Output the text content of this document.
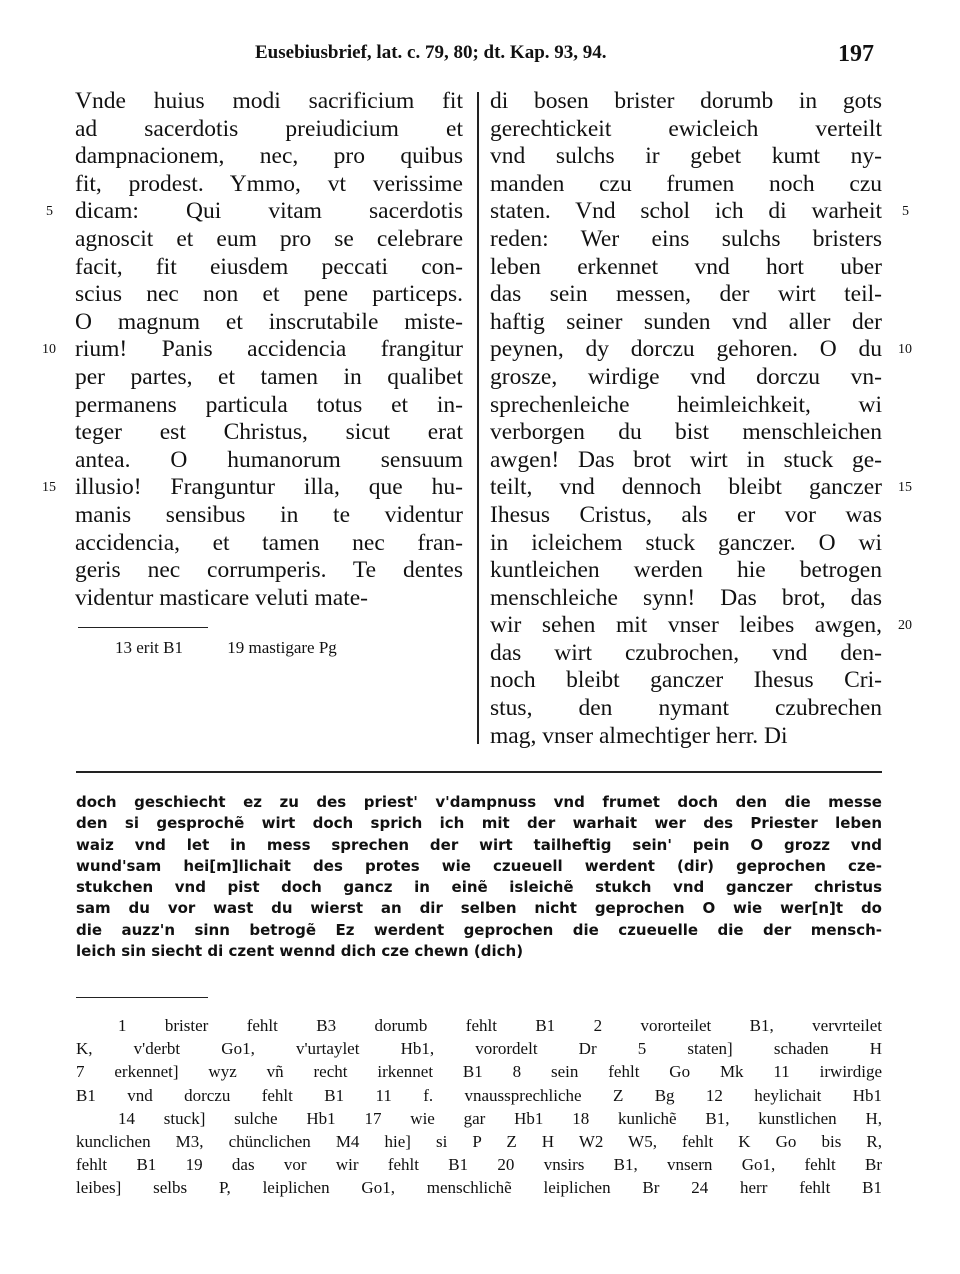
Eusebiusbrief, lat. c. 79, 80; dt. Kap. 93, 94.	197
5
10
15
Vnde huius modi sacrificium fit
ad sacerdotis preiudicium et
dampnacionem, nec, pro quibus
fit, prodest. Ymmo, vt verissime
dicam: Qui vitam sacerdotis
agnoscit et eum pro se celebrare
facit, fit eiusdem peccati con-
scius nec non et pene particeps.
O magnum et inscrutabile miste-
rium! Panis accidencia frangitur
per partes, et tamen in qualibet
permanens particula totus et in-
teger est Christus, sicut erat
antea. O humanorum sensuum
illusio! Franguntur illa, que hu-
manis sensibus in te videntur
accidencia, et tamen nec fran-
geris nec corrumperis. Te dentes
videntur masticare veluti mate-
13 erit B1	19 mastigare Pg
di bosen brister dorumb in gots
gerechtickeit ewicleich verteilt
vnd sulchs ir gebet kumt ny-
manden czu frumen noch czu
staten. Vnd schol ich di warheit
reden: Wer eins sulchs bristers
leben erkennet vnd hort uber
das sein messen, der wirt teil-
haftig seiner sunden vnd aller der
peynen, dy dorczu gehoren. O du
grosze, wirdige vnd dorczu vn-
sprechenleiche heimleichkeit, wi
verborgen du bist menschleichen
awgen! Das brot wirt in stuck ge-
teilt, vnd dennoch bleibt ganczer
Ihesus Cristus, als er vor was
in icleichem stuck ganczer. O wi
kuntleichen werden hie betrogen
menschleiche synn! Das brot, das
wir sehen mit vnser leibes awgen,
das wirt czubrochen, vnd den-
noch bleibt ganczer Ihesus Cri-
stus, den nymant czubrechen
mag, vnser almechtiger herr. Di
5
10
15
20
doch geschiecht ez zu des priest' v'dampnuss vnd frumet doch den die messe
den si gesprochẽ wirt doch sprich ich mit der warhait wer des Priester leben
waiz vnd let in mess sprechen der wirt tailheftig sein' pein O grozz vnd
wund'sam hei[m]lichait des protes wie czueuell werdent (dir) geprochen cze-
stukchen vnd pist doch gancz in einẽ isleichẽ stukch vnd ganczer christus
sam du vor wast du wierst an dir selben nicht geprochen O wie wer[n]t do
die auzz'n sinn betrogẽ Ez werdent geprochen die czueuelle die der mensch-
leich sin siecht di czent wennd dich cze chewn (dich)
1 brister fehlt B3 dorumb fehlt B1 2 vororteilet B1, vervrteilet
K, v'derbt Go1, v'urtaylet Hb1, vorordelt Dr 5 staten] schaden H
7 erkennet] wyz vñ recht irkennet B1 8 sein fehlt Go Mk 11 irwirdige
B1 vnd dorczu fehlt B1 11 f. vnaussprechliche Z Bg 12 heylichait Hb1
14 stuck] sulche Hb1 17 wie gar Hb1 18 kunlichẽ B1, kunstlichen H,
kunclichen M3, chünclichen M4 hie] si P Z H W2 W5, fehlt K Go bis R,
fehlt B1 19 das vor wir fehlt B1 20 vnsirs B1, vnsern Go1, fehlt Br
leibes] selbs P, leiplichen Go1, menschlichẽ leiplichen Br 24 herr fehlt B1
